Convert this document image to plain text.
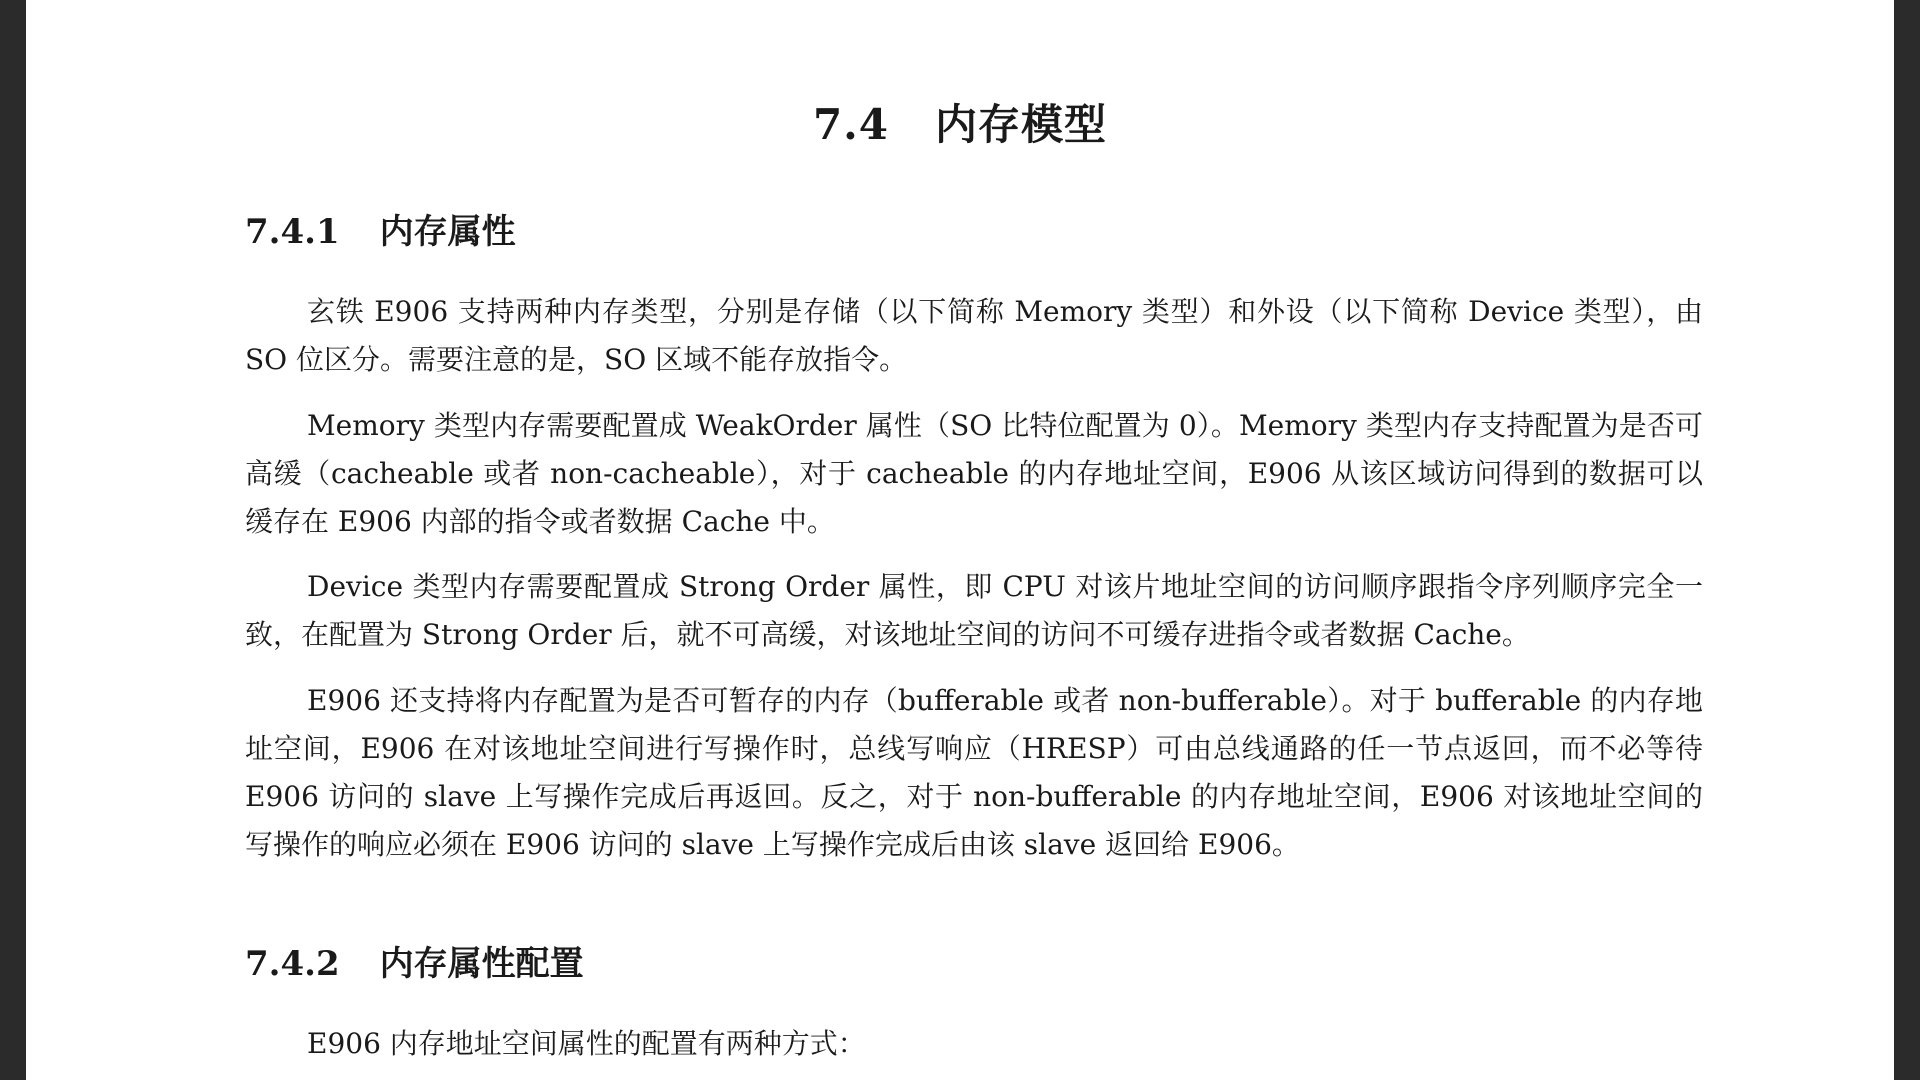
7.4 内存模型
7.4.1 内存属性

玄铁 E906 支持两种内存类型，分别是存储（以下简称 Memory 类型）和外设（以下简称 Device 类型），由 SO 位区分。需要注意的是，SO 区域不能存放指令。

Memory 类型内存需要配置成 WeakOrder 属性（SO 比特位配置为 0）。Memory 类型内存支持配置为是否可高缓（cacheable 或者 non-cacheable），对于 cacheable 的内存地址空间，E906 从该区域访问得到的数据可以缓存在 E906 内部的指令或者数据 Cache 中。

Device 类型内存需要配置成 Strong Order 属性，即 CPU 对该片地址空间的访问顺序跟指令序列顺序完全一致，在配置为 Strong Order 后，就不可高缓，对该地址空间的访问不可缓存进指令或者数据 Cache。

E906 还支持将内存配置为是否可暂存的内存（bufferable 或者 non-bufferable）。对于 bufferable 的内存地址空间，E906 在对该地址空间进行写操作时，总线写响应（HRESP）可由总线通路的任一节点返回，而不必等待 E906 访问的 slave 上写操作完成后再返回。反之，对于 non-bufferable 的内存地址空间，E906 对该地址空间的写操作的响应必须在 E906 访问的 slave 上写操作完成后由该 slave 返回给 E906。

7.4.2 内存属性配置

E906 内存地址空间属性的配置有两种方式：
